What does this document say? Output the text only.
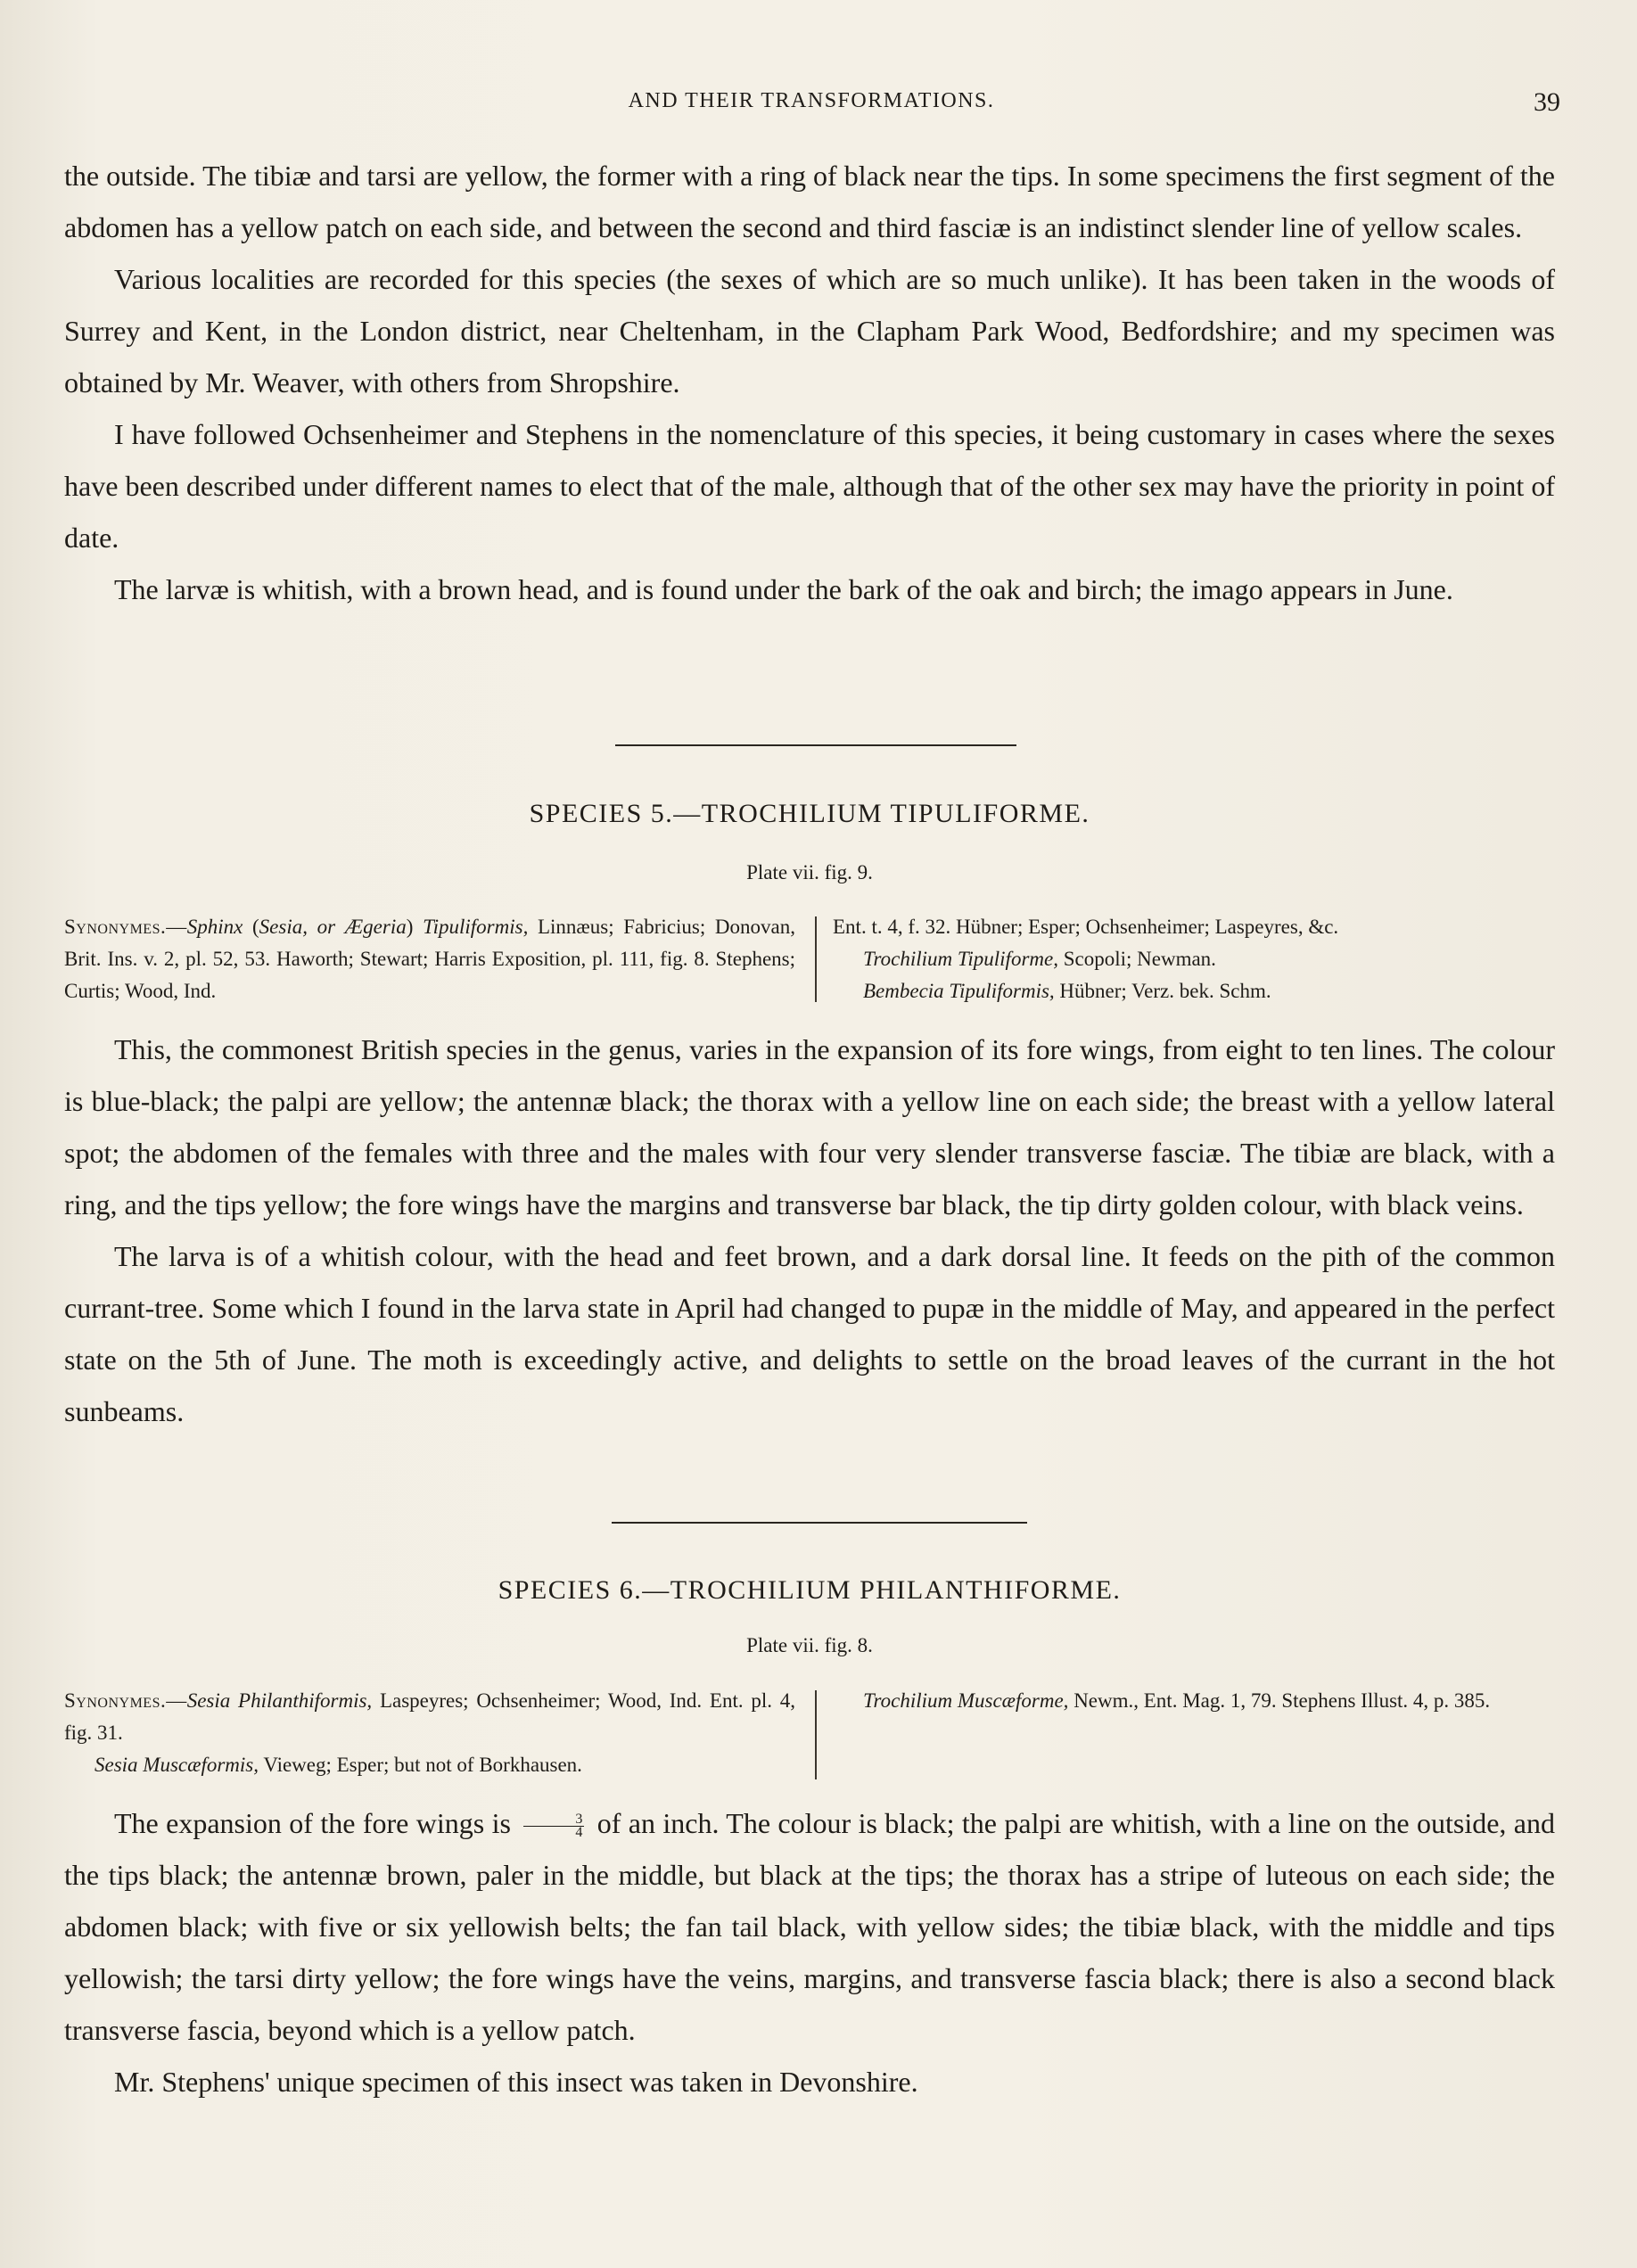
AND THEIR TRANSFORMATIONS.	39

the outside. The tibiæ and tarsi are yellow, the former with a ring of black near the tips. In some specimens the first segment of the abdomen has a yellow patch on each side, and between the second and third fasciæ is an indistinct slender line of yellow scales.

Various localities are recorded for this species (the sexes of which are so much unlike). It has been taken in the woods of Surrey and Kent, in the London district, near Cheltenham, in the Clapham Park Wood, Bedfordshire; and my specimen was obtained by Mr. Weaver, with others from Shropshire.

I have followed Ochsenheimer and Stephens in the nomenclature of this species, it being customary in cases where the sexes have been described under different names to elect that of the male, although that of the other sex may have the priority in point of date.

The larvæ is whitish, with a brown head, and is found under the bark of the oak and birch; the imago appears in June.

SPECIES 5.—TROCHILIUM TIPULIFORME.
Plate vii. fig. 9.
Synonymes.—Sphinx (Sesia, or Ægeria) Tipuliformis, Linnæus; Fabricius; Donovan, Brit. Ins. v. 2, pl. 52, 53. Haworth; Stewart; Harris Exposition, pl. 111, fig. 8. Stephens; Curtis; Wood, Ind.
Ent. t. 4, f. 32. Hübner; Esper; Ochsenheimer; Laspeyres, &c.
Trochilium Tipuliforme, Scopoli; Newman.
Bembecia Tipuliformis, Hübner; Verz. bek. Schm.

This, the commonest British species in the genus, varies in the expansion of its fore wings, from eight to ten lines. The colour is blue-black; the palpi are yellow; the antennæ black; the thorax with a yellow line on each side; the breast with a yellow lateral spot; the abdomen of the females with three and the males with four very slender transverse fasciæ. The tibiæ are black, with a ring, and the tips yellow; the fore wings have the margins and transverse bar black, the tip dirty golden colour, with black veins.

The larva is of a whitish colour, with the head and feet brown, and a dark dorsal line. It feeds on the pith of the common currant-tree. Some which I found in the larva state in April had changed to pupæ in the middle of May, and appeared in the perfect state on the 5th of June. The moth is exceedingly active, and delights to settle on the broad leaves of the currant in the hot sunbeams.

SPECIES 6.—TROCHILIUM PHILANTHIFORME.
Plate vii. fig. 8.
Synonymes.—Sesia Philanthiformis, Laspeyres; Ochsenheimer; Wood, Ind. Ent. pl. 4, fig. 31.
Sesia Muscæformis, Vieweg; Esper; but not of Borkhausen.
Trochilium Muscæforme, Newm., Ent. Mag. 1, 79. Stephens Illust. 4, p. 385.

The expansion of the fore wings is $\frac{3}{4}$ of an inch. The colour is black; the palpi are whitish, with a line on the outside, and the tips black; the antennæ brown, paler in the middle, but black at the tips; the thorax has a stripe of luteous on each side; the abdomen black; with five or six yellowish belts; the fan tail black, with yellow sides; the tibiæ black, with the middle and tips yellowish; the tarsi dirty yellow; the fore wings have the veins, margins, and transverse fascia black; there is also a second black transverse fascia, beyond which is a yellow patch.

Mr. Stephens' unique specimen of this insect was taken in Devonshire.
